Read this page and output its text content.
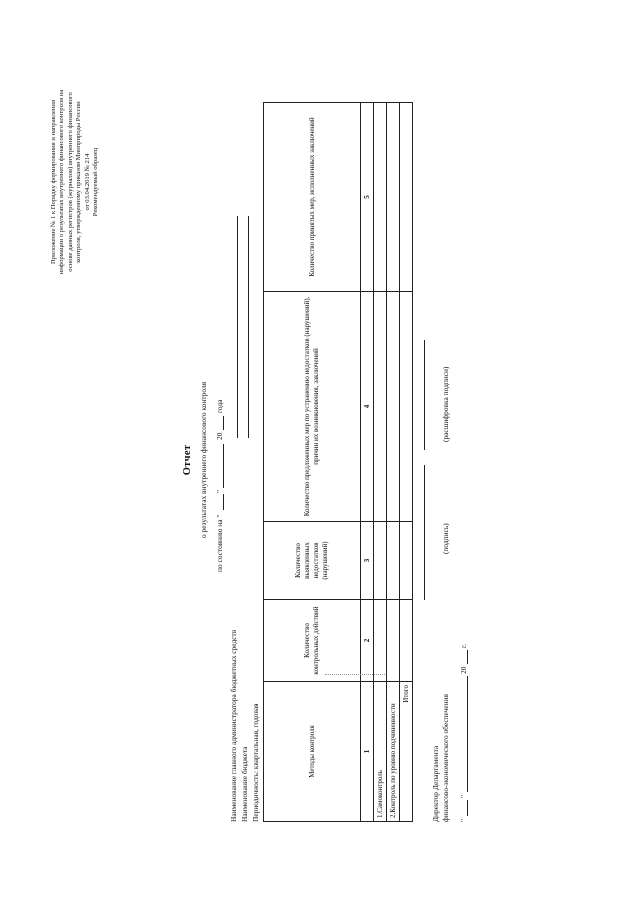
Приложение № 1 к Порядку формирования и направления информации о результатах внутреннего финансового контроля на основе данных регистров (журналов) внутреннего финансового контроля, утвержденному приказом Минприроды России от 03.04.2019 № 214 Рекомендуемый образец
Отчет о результатах внутреннего финансового контроля
по состоянию на "
"
20
года
Наименование главного администратора бюджетных средств Наименование бюджета Периодичность: квартальная, годовая	Методы контроля	Количество контрольных действий	Количество выявленных недостатков (нарушений)	Количество предложенных мер по устранению недостатков (нарушений), причин их возникновения, заключений	Количество принятых мер, исполненных заключений
1	2	3	4	5
1.Самоконтроль				
2.Контроль по уровню подчиненности				
Итого				
Директор Департамента финансово-экономического обеспечения
(подпись)
(расшифровка подписи)
"
"
20
г.
